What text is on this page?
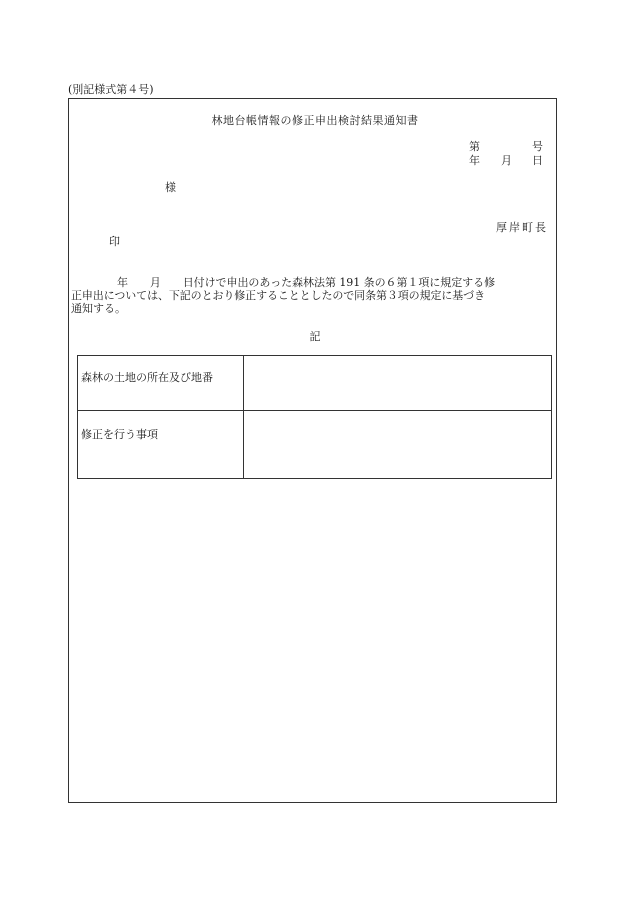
(別記様式第４号)
林地台帳情報の修正申出検討結果通知書
第	号
年 月 日
様
厚岸町長
印
年　　月　　日付けで申出のあった森林法第 191 条の６第１項に規定する修
正申出については、下記のとおり修正することとしたので同条第３項の規定に基づき
通知する。
記
森林の土地の所在及び地番	

修正を行う事項	
